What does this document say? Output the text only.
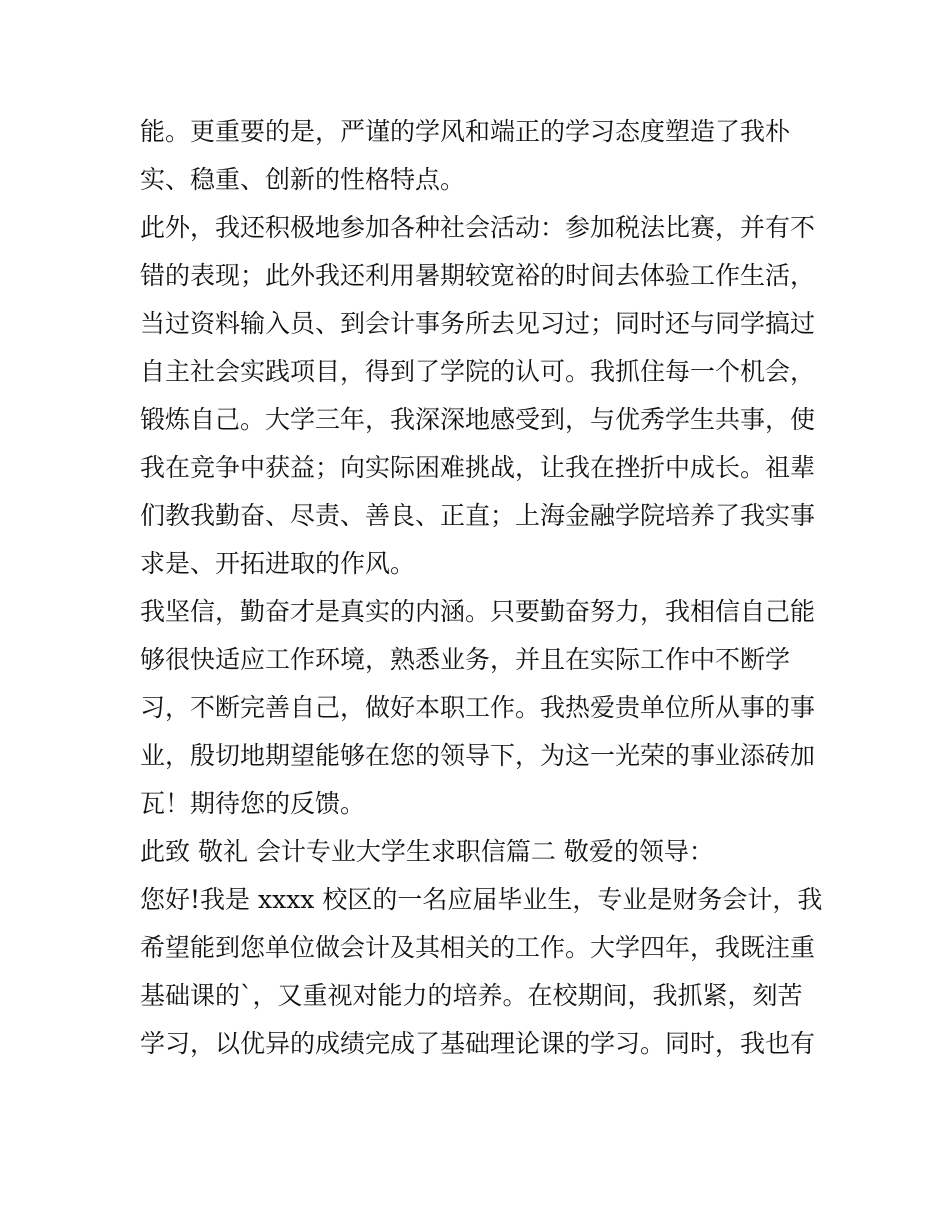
能。更重要的是，严谨的学风和端正的学习态度塑造了我朴
实、稳重、创新的性格特点。
此外，我还积极地参加各种社会活动：参加税法比赛，并有不
错的表现；此外我还利用暑期较宽裕的时间去体验工作生活，
当过资料输入员、到会计事务所去见习过；同时还与同学搞过
自主社会实践项目，得到了学院的认可。我抓住每一个机会，
锻炼自己。大学三年，我深深地感受到，与优秀学生共事，使
我在竞争中获益；向实际困难挑战，让我在挫折中成长。祖辈
们教我勤奋、尽责、善良、正直；上海金融学院培养了我实事
求是、开拓进取的作风。
我坚信，勤奋才是真实的内涵。只要勤奋努力，我相信自己能
够很快适应工作环境，熟悉业务，并且在实际工作中不断学
习，不断完善自己，做好本职工作。我热爱贵单位所从事的事
业，殷切地期望能够在您的领导下，为这一光荣的事业添砖加
瓦！期待您的反馈。
此致 敬礼 会计专业大学生求职信篇二 敬爱的领导：
您好!我是 xxxx 校区的一名应届毕业生，专业是财务会计，我
希望能到您单位做会计及其相关的工作。大学四年，我既注重
基础课的`，又重视对能力的培养。在校期间，我抓紧，刻苦
学习，以优异的成绩完成了基础理论课的学习。同时，我也有
